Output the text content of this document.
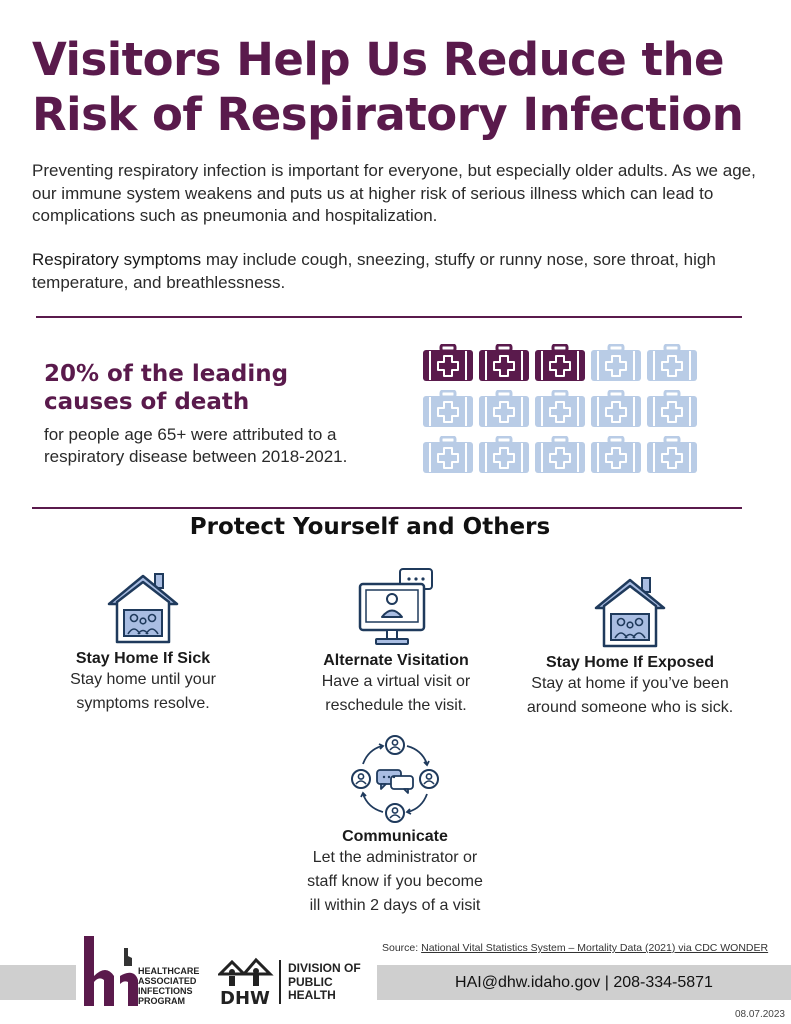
Visitors Help Us Reduce the
Risk of Respiratory Infection

Preventing respiratory infection is important for everyone, but especially older adults. As we age, our immune system weakens and puts us at higher risk of serious illness which can lead to complications such as pneumonia and hospitalization.

Respiratory symptoms may include cough, sneezing, stuffy or runny nose, sore throat, high temperature, and breathlessness.

20% of the leading causes of death

for people age 65+ were attributed to a respiratory disease between 2018-2021.

Protect Yourself and Others
Stay Home If Sick
Stay home until your
symptoms resolve.
Alternate Visitation
Have a virtual visit or
reschedule the visit.
Stay Home If Exposed
Stay at home if you’ve been
around someone who is sick.
Communicate
Let the administrator or
staff know if you become
ill within 2 days of a visit
Source: National Vital Statistics System – Mortality Data (2021) via CDC WONDER
HAI@dhw.idaho.gov | 208-334-5871
HEALTHCARE
ASSOCIATED
INFECTIONS
PROGRAM	DHW
DIVISION OF
PUBLIC
HEALTH
08.07.2023
